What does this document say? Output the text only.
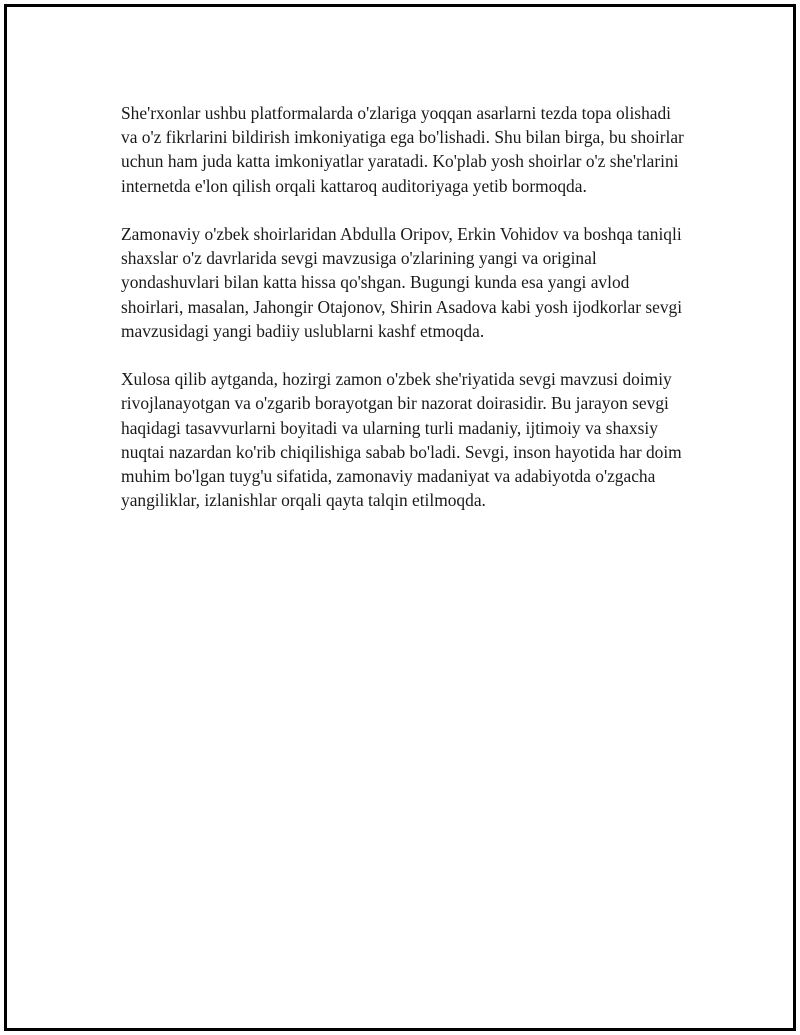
She'rxonlar ushbu platformalarda o'zlariga yoqqan asarlarni tezda topa olishadi va o'z fikrlarini bildirish imkoniyatiga ega bo'lishadi. Shu bilan birga, bu shoirlar uchun ham juda katta imkoniyatlar yaratadi. Ko'plab yosh shoirlar o'z she'rlarini internetda e'lon qilish orqali kattaroq auditoriyaga yetib bormoqda.

Zamonaviy o'zbek shoirlaridan Abdulla Oripov, Erkin Vohidov va boshqa taniqli shaxslar o'z davrlarida sevgi mavzusiga o'zlarining yangi va original yondashuvlari bilan katta hissa qo'shgan. Bugungi kunda esa yangi avlod shoirlari, masalan, Jahongir Otajonov, Shirin Asadova kabi yosh ijodkorlar sevgi mavzusidagi yangi badiiy uslublarni kashf etmoqda.

Xulosa qilib aytganda, hozirgi zamon o'zbek she'riyatida sevgi mavzusi doimiy rivojlanayotgan va o'zgarib borayotgan bir nazorat doirasidir. Bu jarayon sevgi haqidagi tasavvurlarni boyitadi va ularning turli madaniy, ijtimoiy va shaxsiy nuqtai nazardan ko'rib chiqilishiga sabab bo'ladi. Sevgi, inson hayotida har doim muhim bo'lgan tuyg'u sifatida, zamonaviy madaniyat va adabiyotda o'zgacha yangiliklar, izlanishlar orqali qayta talqin etilmoqda.
